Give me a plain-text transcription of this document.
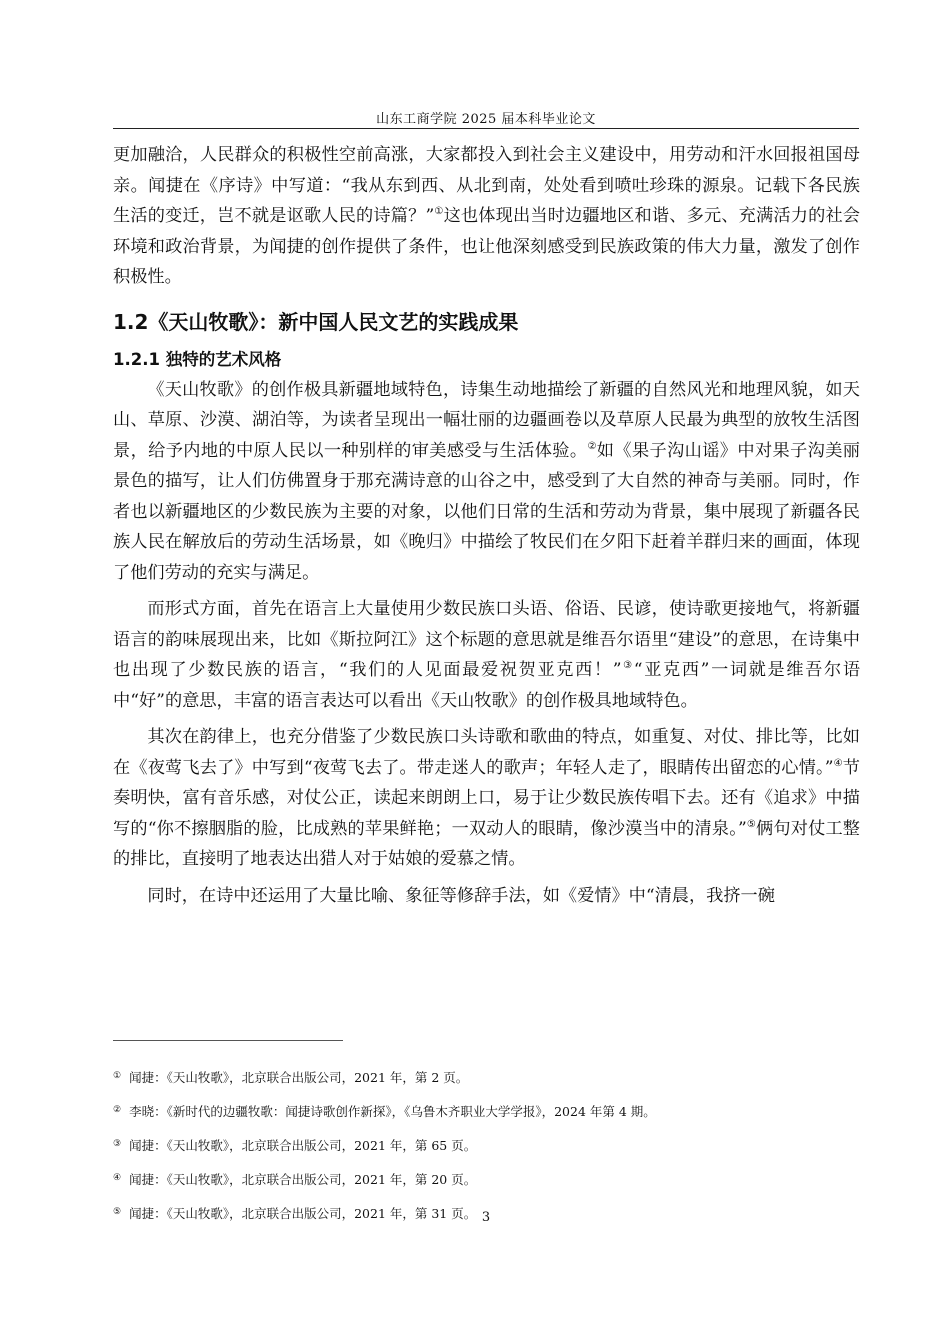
山东工商学院 2025 届本科毕业论文

更加融洽，人民群众的积极性空前高涨，大家都投入到社会主义建设中，用劳动和汗水回报祖国母亲。闻捷在《序诗》中写道：“我从东到西、从北到南，处处看到喷吐珍珠的源泉。记载下各民族生活的变迁，岂不就是讴歌人民的诗篇？”①这也体现出当时边疆地区和谐、多元、充满活力的社会环境和政治背景，为闻捷的创作提供了条件，也让他深刻感受到民族政策的伟大力量，激发了创作积极性。

1.2《天山牧歌》：新中国人民文艺的实践成果
1.2.1 独特的艺术风格

《天山牧歌》的创作极具新疆地域特色，诗集生动地描绘了新疆的自然风光和地理风貌，如天山、草原、沙漠、湖泊等，为读者呈现出一幅壮丽的边疆画卷以及草原人民最为典型的放牧生活图景，给予内地的中原人民以一种别样的审美感受与生活体验。②如《果子沟山谣》中对果子沟美丽景色的描写，让人们仿佛置身于那充满诗意的山谷之中，感受到了大自然的神奇与美丽。同时，作者也以新疆地区的少数民族为主要的对象，以他们日常的生活和劳动为背景，集中展现了新疆各民族人民在解放后的劳动生活场景，如《晚归》中描绘了牧民们在夕阳下赶着羊群归来的画面，体现了他们劳动的充实与满足。

而形式方面，首先在语言上大量使用少数民族口头语、俗语、民谚，使诗歌更接地气，将新疆语言的韵味展现出来，比如《斯拉阿江》这个标题的意思就是维吾尔语里“建设”的意思，在诗集中也出现了少数民族的语言，“我们的人见面最爱祝贺亚克西！”③“亚克西”一词就是维吾尔语中“好”的意思，丰富的语言表达可以看出《天山牧歌》的创作极具地域特色。

其次在韵律上，也充分借鉴了少数民族口头诗歌和歌曲的特点，如重复、对仗、排比等，比如在《夜莺飞去了》中写到“夜莺飞去了。带走迷人的歌声；年轻人走了，眼睛传出留恋的心情。”④节奏明快，富有音乐感，对仗公正，读起来朗朗上口，易于让少数民族传唱下去。还有《追求》中描写的“你不擦胭脂的脸，比成熟的苹果鲜艳；一双动人的眼睛，像沙漠当中的清泉。”⑤俩句对仗工整的排比，直接明了地表达出猎人对于姑娘的爱慕之情。

同时，在诗中还运用了大量比喻、象征等修辞手法，如《爱情》中“清晨，我挤一碗

① 闻捷：《天山牧歌》，北京联合出版公司，2021 年，第 2 页。
② 李晓：《新时代的边疆牧歌：闻捷诗歌创作新探》，《乌鲁木齐职业大学学报》，2024 年第 4 期。
③ 闻捷：《天山牧歌》，北京联合出版公司，2021 年，第 65 页。
④ 闻捷：《天山牧歌》，北京联合出版公司，2021 年，第 20 页。
⑤ 闻捷：《天山牧歌》，北京联合出版公司，2021 年，第 31 页。 3
